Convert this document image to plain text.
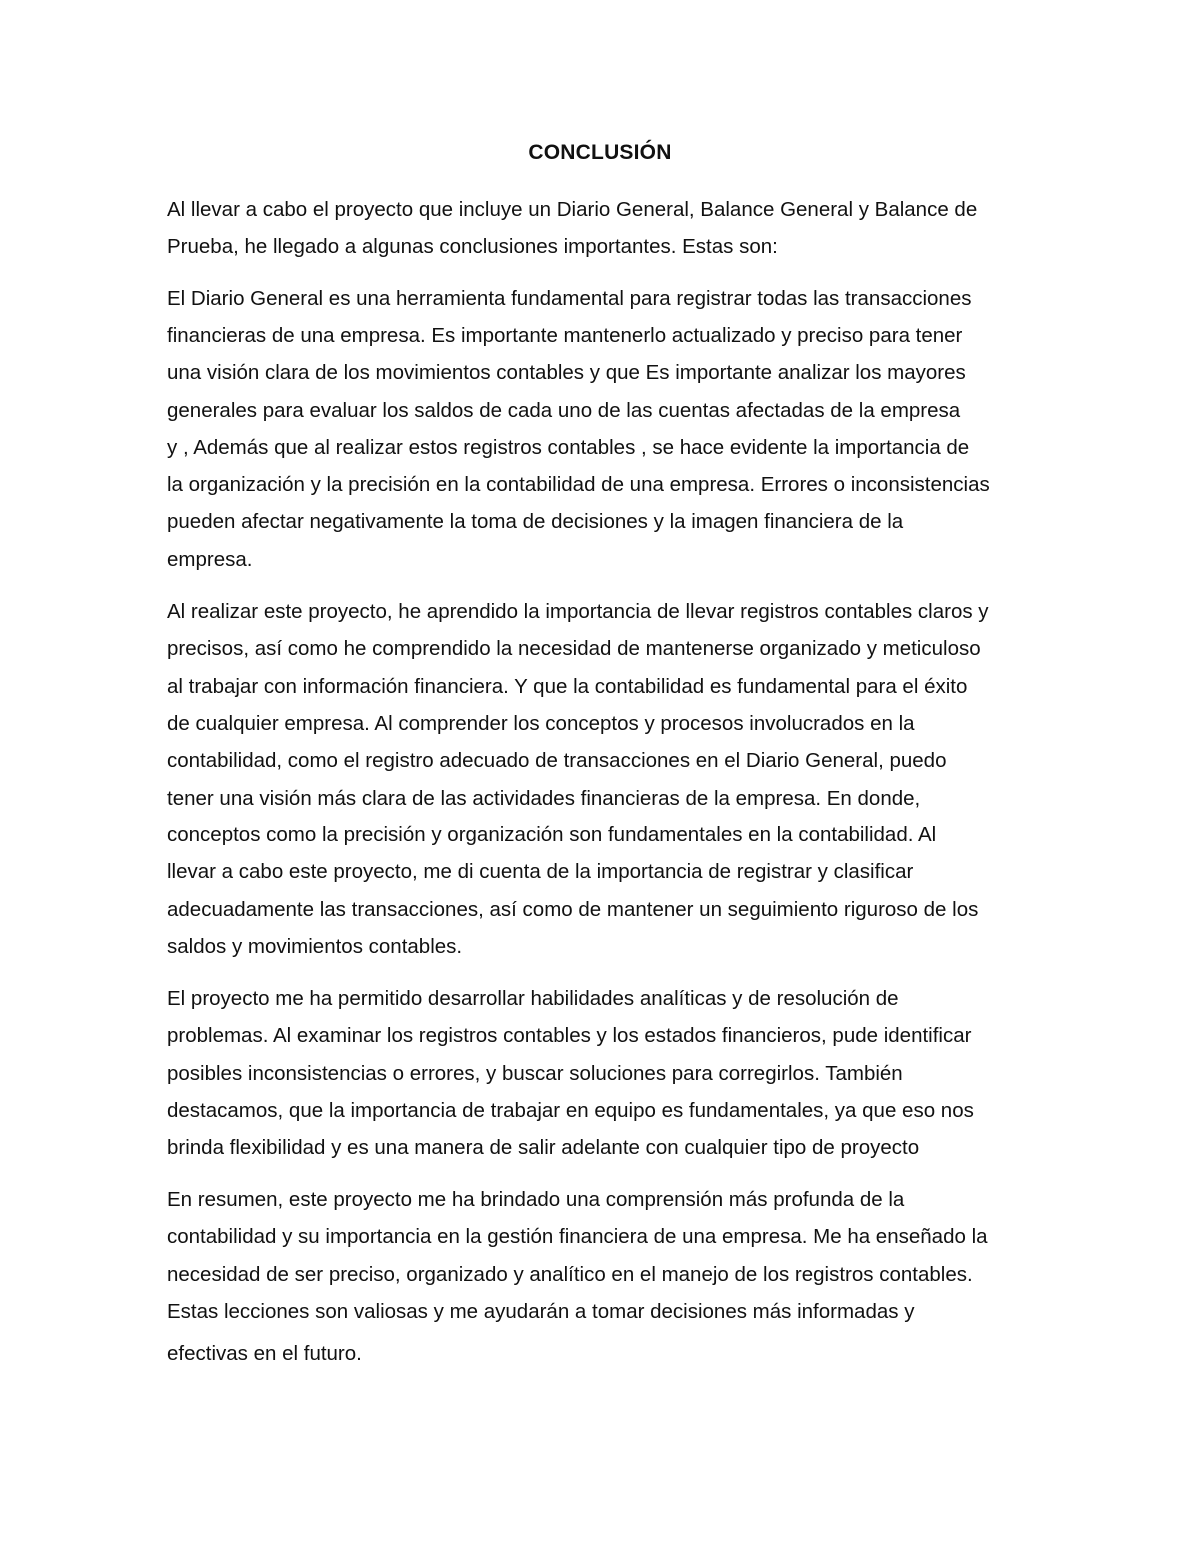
CONCLUSIÓN
Al llevar a cabo el proyecto que incluye un Diario General, Balance General y Balance de
Prueba, he llegado a algunas conclusiones importantes. Estas son:
El Diario General es una herramienta fundamental para registrar todas las transacciones
financieras de una empresa. Es importante mantenerlo actualizado y preciso para tener
una visión clara de los movimientos contables y que Es importante analizar los mayores
generales para evaluar los saldos de cada uno de las cuentas afectadas de la empresa
y , Además que al realizar estos registros contables , se hace evidente la importancia de
la organización y la precisión en la contabilidad de una empresa. Errores o inconsistencias
pueden afectar negativamente la toma de decisiones y la imagen financiera de la
empresa.
Al realizar este proyecto, he aprendido la importancia de llevar registros contables claros y
precisos, así como he comprendido la necesidad de mantenerse organizado y meticuloso
al trabajar con información financiera. Y que la contabilidad es fundamental para el éxito
de cualquier empresa. Al comprender los conceptos y procesos involucrados en la
contabilidad, como el registro adecuado de transacciones en el Diario General, puedo
tener una visión más clara de las actividades financieras de la empresa. En donde,
conceptos como la precisión y organización son fundamentales en la contabilidad. Al
llevar a cabo este proyecto, me di cuenta de la importancia de registrar y clasificar
adecuadamente las transacciones, así como de mantener un seguimiento riguroso de los
saldos y movimientos contables.
El proyecto me ha permitido desarrollar habilidades analíticas y de resolución de
problemas. Al examinar los registros contables y los estados financieros, pude identificar
posibles inconsistencias o errores, y buscar soluciones para corregirlos. También
destacamos, que la importancia de trabajar en equipo es fundamentales, ya que eso nos
brinda flexibilidad y es una manera de salir adelante con cualquier tipo de proyecto
En resumen, este proyecto me ha brindado una comprensión más profunda de la
contabilidad y su importancia en la gestión financiera de una empresa. Me ha enseñado la
necesidad de ser preciso, organizado y analítico en el manejo de los registros contables.
Estas lecciones son valiosas y me ayudarán a tomar decisiones más informadas y
efectivas en el futuro.
